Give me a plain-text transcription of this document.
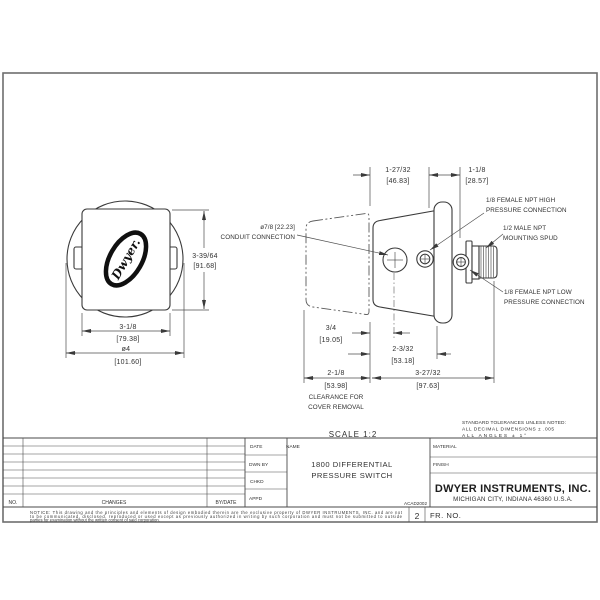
Dwyer.	3-39/64
[91.68]
3-1/8
[79.38]
ø4
[101.60]
ø7/8 [22.23]
CONDUIT CONNECTION
1/8 FEMALE NPT HIGH
PRESSURE CONNECTION
1/2 MALE NPT
MOUNTING SPUD
1/8 FEMALE NPT LOW
PRESSURE CONNECTION
1-27/32
[46.83]
1-1/8
[28.57]
3/4
[19.05]
2-3/32
[53.18]
2-1/8
[53.98]
3-27/32
[97.63]
CLEARANCE FOR
COVER REMOVAL
SCALE 1:2
STANDARD TOLERANCES UNLESS NOTED:
ALL DECIMAL DIMENSIONS ± .005
ALL ANGLES ± 1°
NO.	CHANGES	BY/DATE
DATE
DWN BY
CHKD
APPD
NAME
1800 DIFFERENTIAL
PRESSURE SWITCH
ACAD2002
MATERIAL
FINISH
DWYER INSTRUMENTS, INC.
MICHIGAN CITY, INDIANA 46360 U.S.A.
2 FR. NO.
NOTICE: This drawing and the principles and elements of design embodied therein are the exclusive property of DWYER INSTRUMENTS, INC. and are not
to be communicated, disclosed, reproduced or used except as previously authorized in writing by such corporation and must not be submitted to outside
parties for examination without the written consent of said corporation.
